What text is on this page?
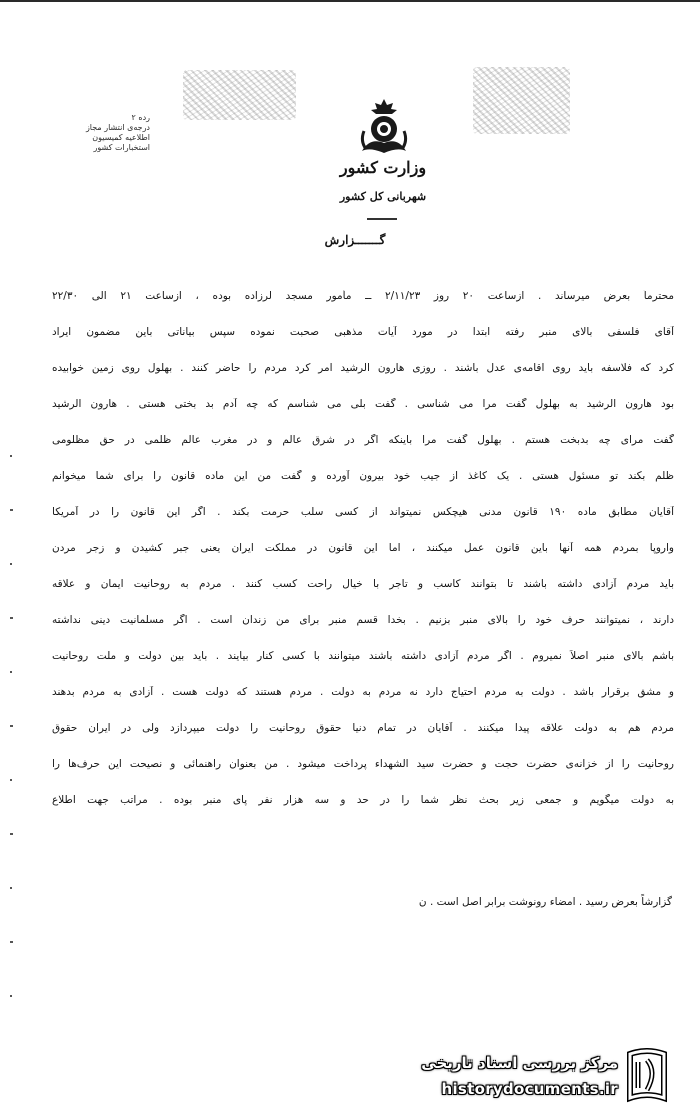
وزارت کشور
شهربانی کل کشور
رده ۲
درجه‌ی انتشار مجاز
اطلاعیه کمیسیون
استخبارات کشور
گـــــــزارش
محترماً بعرض میرساند . ازساعت ۲۰ روز ۲/۱۱/۲۳ ــ مأمور مسجد لرزاده بوده ، ازساعت ۲۱ الی ۲۲/۳۰
آقای فلسفی بالای منبر رفته ابتدا در مورد آیات مذهبی صحبت نموده سپس بیاناتی باین مضمون ایراد
کرد که فلاسفه باید روی اقامه‌ی عدل باشند . روزی هارون الرشید امر کرد مردم را حاضر کنند . بهلول روی زمین خوابیده
بود هارون الرشید به بهلول گفت مرا می شناسی . گفت بلی می شناسم که چه آدم بد بختی هستی . هارون الرشید
گفت مرای چه بدبخت هستم . بهلول گفت مرا باینکه اگر در شرق عالم و در مغرب عالم ظلمی در حق مظلومی
ظلم بکند تو مسئول هستی . یک کاغذ از جیب خود بیرون آورده و گفت من این ماده قانون را برای شما میخوانم
آقایان مطابق ماده ۱۹۰ قانون مدنی هیچکس نمیتواند از کسی سلب حرمت بکند . اگر این قانون را در آمریکا
واروپا بمردم همه آنها باین قانون عمل میکنند ، اما این قانون در مملکت ایران یعنی جبر کشیدن و زجر مردن
باید مردم آزادی داشته باشند تا بتوانند کاسب و تاجر با خیال راحت کسب کنند . مردم به روحانیت ایمان و علاقه
دارند ، نمیتوانند حرف خود را بالای منبر بزنیم . بخدا قسم منبر برای من زندان است . اگر مسلمانیت دینی نداشته
باشم بالای منبر اصلاً نمیروم . اگر مردم آزادی داشته باشند میتوانند با کسی کنار بیایند . باید بین دولت و ملت روحانیت
و مشق برقرار باشد . دولت به مردم احتیاج دارد نه مردم به دولت . مردم هستند که دولت هست . آزادی به مردم بدهند
مردم هم به دولت علاقه پیدا میکنند . آقایان در تمام دنیا حقوق روحانیت را دولت میپردازد ولی در ایران حقوق
روحانیت را از خزانه‌ی حضرت حجت و حضرت سید الشهداء پرداخت میشود . من بعنوان راهنمائی و نصیحت این حرف‌ها را
به دولت میگویم و جمعی زیر بحث نظر شما را در حد و سه هزار نفر پای منبر بوده . مراتب جهت اطلاع
گزارشاً بعرض رسید . امضاء رونوشت برابر اصل است . ن
مرکز بررسی اسناد تاریخی
historydocuments.ir
